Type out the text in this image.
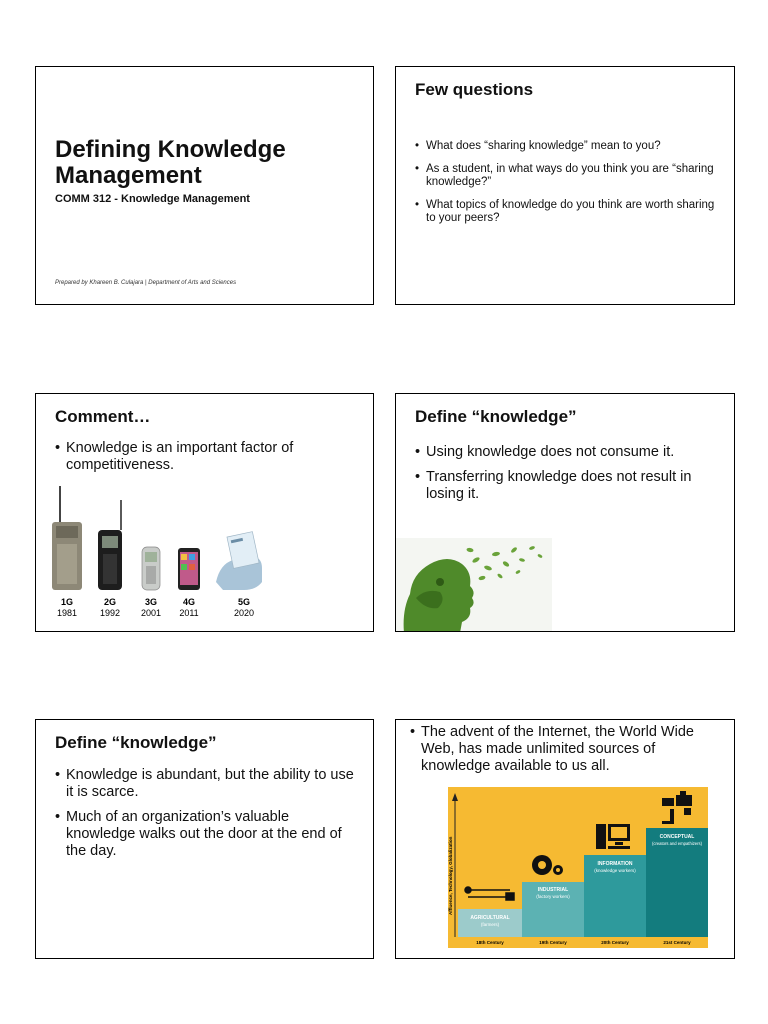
Defining Knowledge Management
COMM 312 - Knowledge Management
Prepared by Khareen B. Culajara | Department of Arts and Sciences
Few questions
• What does “sharing knowledge” mean to you?
• As a student, in what ways do you think you are “sharing knowledge?”
• What topics of knowledge do you think are worth sharing to your peers?
Comment…
• Knowledge is an important factor of competitiveness.
1G
1981
2G
1992
3G
2001
4G
2011
5G
2020
Define “knowledge”
• Using knowledge does not consume it.
• Transferring knowledge does not result in losing it.
Define “knowledge”
• Knowledge is abundant, but the ability to use it is scarce.
• Much of an organization’s valuable knowledge walks out the door at the end of the day.
• The advent of the Internet, the World Wide Web, has made unlimited sources of knowledge available to us all.
Affluence, Technology, Globalization
AGRICULTURAL
(farmers)
INDUSTRIAL
(factory workers)
INFORMATION
(knowledge workers)
CONCEPTUAL
(creators and empathizers)
18th Century	19th Century	20th Century	21st Century
